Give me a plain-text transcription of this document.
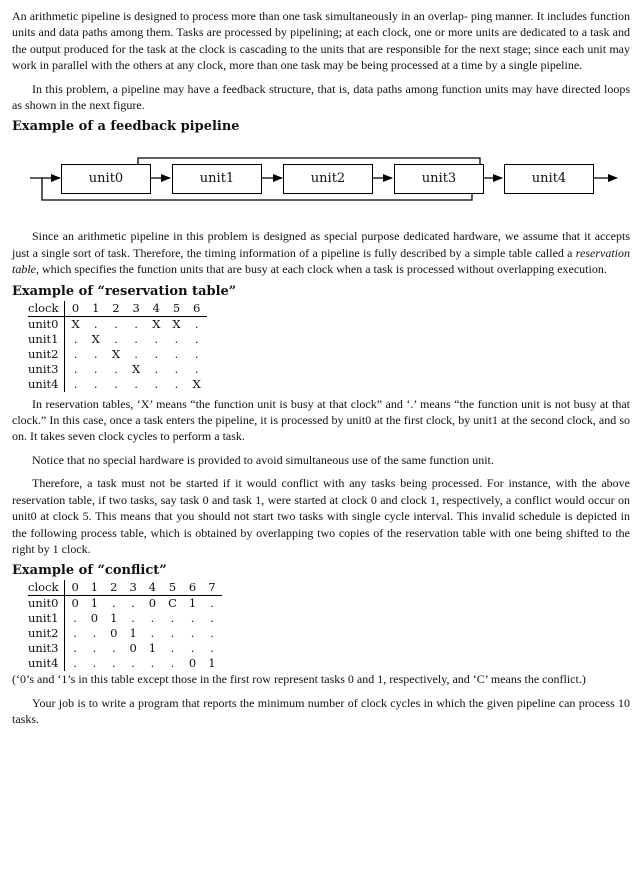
An arithmetic pipeline is designed to process more than one task simultaneously in an overlap- ping manner. It includes function units and data paths among them. Tasks are processed by pipelining; at each clock, one or more units are dedicated to a task and the output produced for the task at the clock is cascading to the units that are responsible for the next stage; since each unit may work in parallel with the others at any clock, more than one task may be being processed at a time by a single pipeline.

In this problem, a pipeline may have a feedback structure, that is, data paths among function units may have directed loops as shown in the next figure.

Example of a feedback pipeline
unit0	unit1	unit2	unit3	unit4

Since an arithmetic pipeline in this problem is designed as special purpose dedicated hardware, we assume that it accepts just a single sort of task. Therefore, the timing information of a pipeline is fully described by a simple table called a reservation table, which specifies the function units that are busy at each clock when a task is processed without overlapping execution.

Example of “reservation table”
clock	0	1	2	3	4	5	6
unit0	X	.	.	.	X	X	.
unit1	.	X	.	.	.	.	.
unit2	.	.	X	.	.	.	.
unit3	.	.	.	X	.	.	.
unit4	.	.	.	.	.	.	X

In reservation tables, ‘X’ means “the function unit is busy at that clock” and ‘.’ means “the function unit is not busy at that clock.” In this case, once a task enters the pipeline, it is processed by unit0 at the first clock, by unit1 at the second clock, and so on. It takes seven clock cycles to perform a task.

Notice that no special hardware is provided to avoid simultaneous use of the same function unit.

Therefore, a task must not be started if it would conflict with any tasks being processed. For instance, with the above reservation table, if two tasks, say task 0 and task 1, were started at clock 0 and clock 1, respectively, a conflict would occur on unit0 at clock 5. This means that you should not start two tasks with single cycle interval. This invalid schedule is depicted in the following process table, which is obtained by overlapping two copies of the reservation table with one being shifted to the right by 1 clock.

Example of “conflict”
clock	0	1	2	3	4	5	6	7
unit0	0	1	.	.	0	C	1	.
unit1	.	0	1	.	.	.	.	.
unit2	.	.	0	1	.	.	.	.
unit3	.	.	.	0	1	.	.	.
unit4	.	.	.	.	.	.	0	1

(‘0’s and ‘1’s in this table except those in the first row represent tasks 0 and 1, respectively, and ‘C’ means the conflict.)

Your job is to write a program that reports the minimum number of clock cycles in which the given pipeline can process 10 tasks.
